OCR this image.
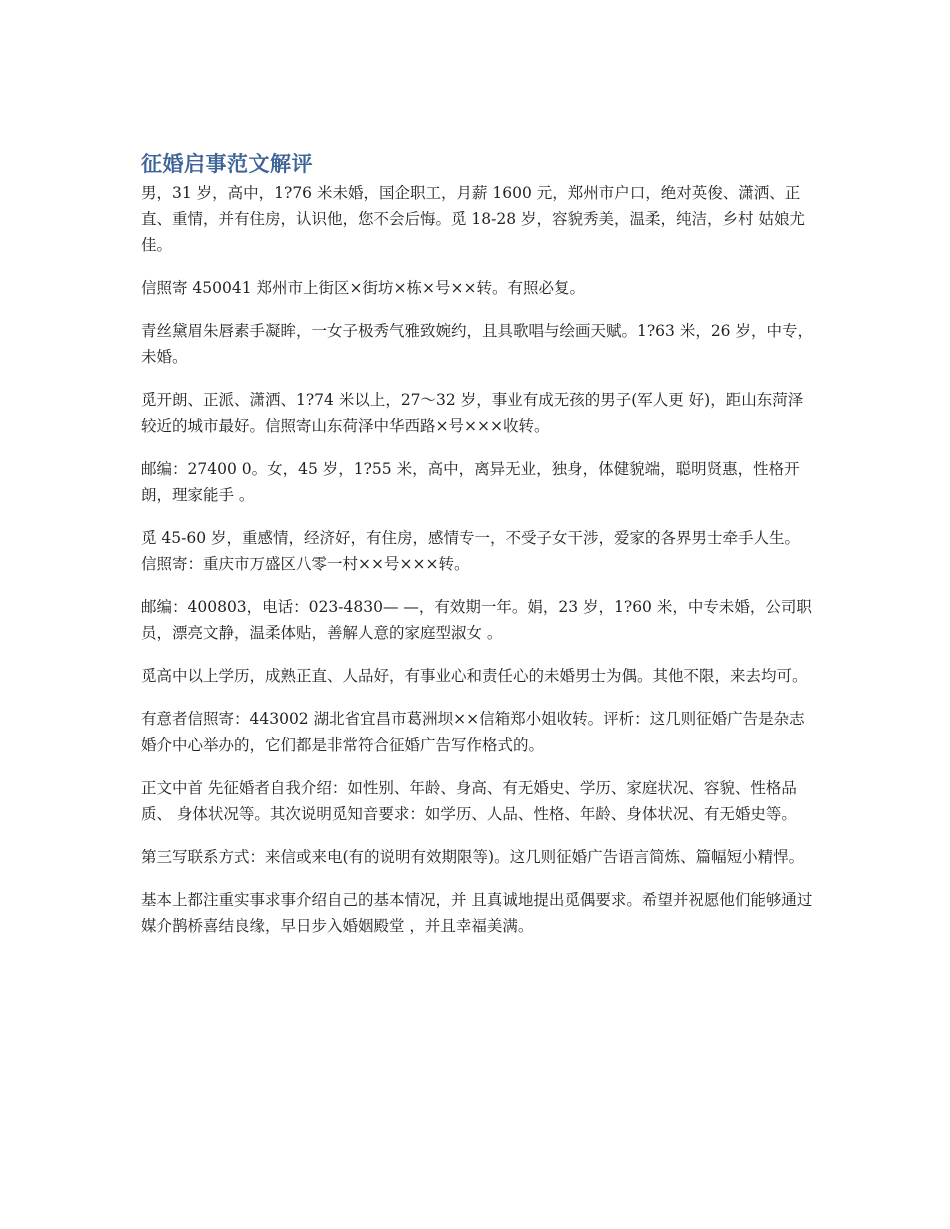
征婚启事范文解评

男，31 岁，高中，1?76 米未婚，国企职工，月薪 1600 元，郑州市户口，绝对英俊、潇洒、正直、重情，并有住房，认识他，您不会后悔。觅 18-28 岁，容貌秀美，温柔，纯洁，乡村 姑娘尤佳。

信照寄 450041 郑州市上街区×街坊×栋×号××转。有照必复。

青丝黛眉朱唇素手凝眸，一女子极秀气雅致婉约，且具歌唱与绘画天赋。1?63 米，26 岁，中专，未婚。

觅开朗、正派、潇洒、1?74 米以上，27～32 岁，事业有成无孩的男子(军人更 好)，距山东菏泽较近的城市最好。信照寄山东荷泽中华西路×号×××收转。

邮编：27400 0。女，45 岁，1?55 米，高中，离异无业，独身，体健貌端，聪明贤惠，性格开朗，理家能手 。

觅 45-60 岁，重感情，经济好，有住房，感情专一，不受子女干涉，爱家的各界男士牵手人生。信照寄：重庆市万盛区八零一村××号×××转。

邮编：400803，电话：023-4830— —，有效期一年。娟，23 岁，1?60 米，中专未婚，公司职员，漂亮文静，温柔体贴，善解人意的家庭型淑女 。

觅高中以上学历，成熟正直、人品好，有事业心和责任心的未婚男士为偶。其他不限，来去均可。

有意者信照寄：443002 湖北省宜昌市葛洲坝××信箱郑小姐收转。评析：这几则征婚广告是杂志婚介中心举办的，它们都是非常符合征婚广告写作格式的。

正文中首 先征婚者自我介绍：如性别、年龄、身高、有无婚史、学历、家庭状况、容貌、性格品质、 身体状况等。其次说明觅知音要求：如学历、人品、性格、年龄、身体状况、有无婚史等。

第三写联系方式：来信或来电(有的说明有效期限等)。这几则征婚广告语言简炼、篇幅短小精悍。

基本上都注重实事求事介绍自己的基本情况，并 且真诚地提出觅偶要求。希望并祝愿他们能够通过媒介鹊桥喜结良缘，早日步入婚姻殿堂 ，并且幸福美满。
